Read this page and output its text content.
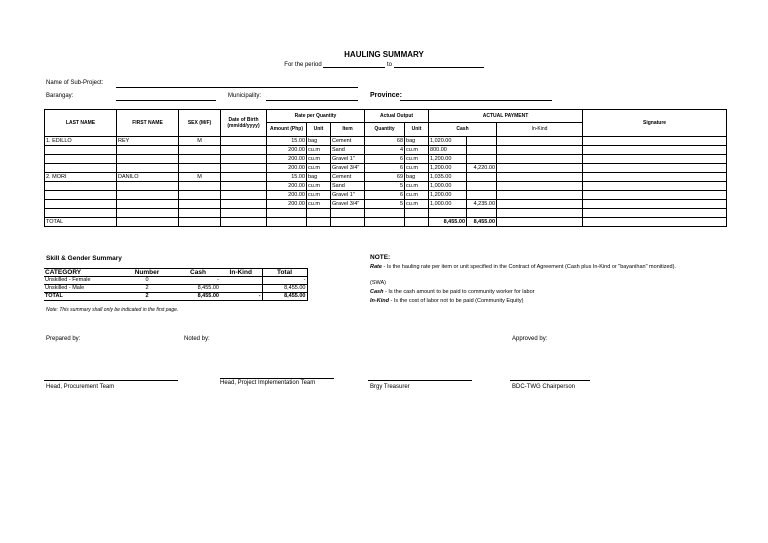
HAULING SUMMARY
For the period	to
Name of Sub-Project:
Barangay:	Municipality:	Province:
LAST NAME	FIRST NAME	SEX (M/F)	Date of Birth (mm/dd/yyyy)	Rate per Quantity			Actual Output		ACTUAL PAYMENT			Signature
				Amount (Php)	Unit	Item	Quantity	Unit	Cash		In-Kind	
1. EDILLO	REY	M		15.00	bag	Cement	68	bag	1,020.00			
				200.00	cu.m	Sand	4	cu.m	800.00			
				200.00	cu.m	Gravel 1"	6	cu.m	1,200.00			
				200.00	cu.m	Gravel 3/4"	6	cu.m	1,200.00	4,220.00		
2. MORI	DANILO	M		15.00	bag	Cement	69	bag	1,035.00			
				200.00	cu.m	Sand	5	cu.m	1,000.00			
				200.00	cu.m	Gravel 1"	6	cu.m	1,200.00			
				200.00	cu.m	Gravel 3/4"	5	cu.m	1,000.00	4,235.00		

TOTAL									8,455.00	8,455.00		
Skill & Gender Summary
CATEGORY	Number	Cash	In-Kind	Total
Unskilled - Female	0	-		-
Unskilled - Male	2	8,455.00		8,455.00
TOTAL	2	8,455.00	-	8,455.00
Note: This summary shall only be indicated in the first page.
NOTE:
Rate - Is the hauling rate per item or unit specified in the Contract of Agreement (Cash plus In-Kind or "bayanihan" monitized).
(SWA)
Cash - Is the cash amount to be paid to community worker for labor
In-Kind - Is the cost of labor not to be paid (Community Equity)
Prepared by:	Noted by:	Approved by:
Head, Procurement Team
Head, Project Implementation Team
Brgy Treasurer	BDC-TWG Chairperson
